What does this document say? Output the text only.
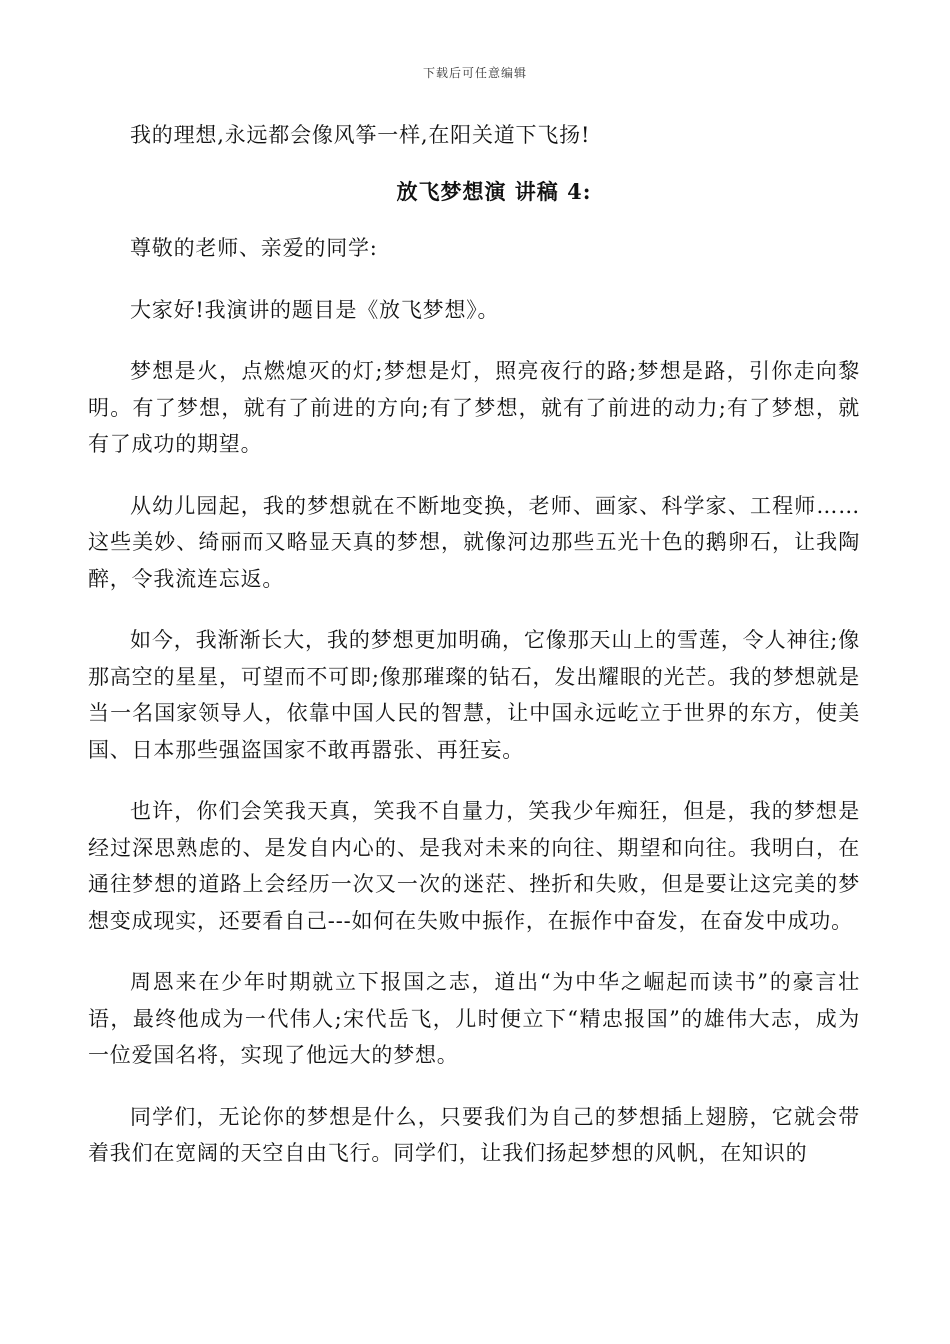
下载后可任意编辑

我的理想,永远都会像风筝一样,在阳关道下飞扬!

放飞梦想演 讲稿 4:

尊敬的老师、亲爱的同学:

大家好!我演讲的题目是《放飞梦想》。

梦想是火，点燃熄灭的灯;梦想是灯，照亮夜行的路;梦想是路，引你走向黎明。有了梦想，就有了前进的方向;有了梦想，就有了前进的动力;有了梦想，就有了成功的期望。

从幼儿园起，我的梦想就在不断地变换，老师、画家、科学家、工程师……这些美妙、绮丽而又略显天真的梦想，就像河边那些五光十色的鹅卵石，让我陶醉，令我流连忘返。

如今，我渐渐长大，我的梦想更加明确，它像那天山上的雪莲，令人神往;像那高空的星星，可望而不可即;像那璀璨的钻石，发出耀眼的光芒。我的梦想就是当一名国家领导人，依靠中国人民的智慧，让中国永远屹立于世界的东方，使美国、日本那些强盗国家不敢再嚣张、再狂妄。

也许，你们会笑我天真，笑我不自量力，笑我少年痴狂，但是，我的梦想是经过深思熟虑的、是发自内心的、是我对未来的向往、期望和向往。我明白，在通往梦想的道路上会经历一次又一次的迷茫、挫折和失败，但是要让这完美的梦想变成现实，还要看自己---如何在失败中振作，在振作中奋发，在奋发中成功。

周恩来在少年时期就立下报国之志，道出“为中华之崛起而读书”的豪言壮语，最终他成为一代伟人;宋代岳飞，儿时便立下“精忠报国”的雄伟大志，成为一位爱国名将，实现了他远大的梦想。

同学们，无论你的梦想是什么，只要我们为自己的梦想插上翅膀，它就会带着我们在宽阔的天空自由飞行。同学们，让我们扬起梦想的风帆，在知识的
